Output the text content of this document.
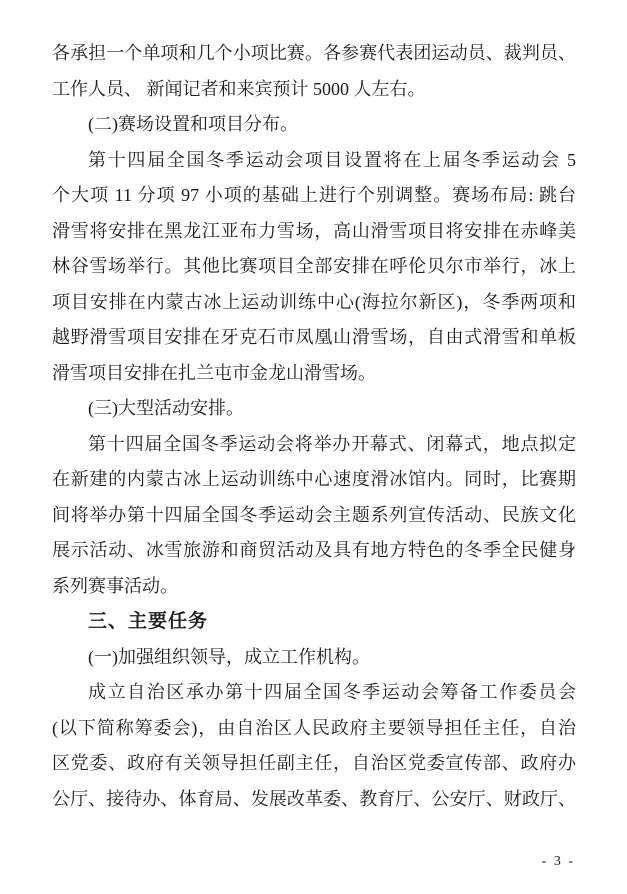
各承担一个单项和几个小项比赛。各参赛代表团运动员、裁判员、
工作人员、 新闻记者和来宾预计 5000 人左右。
(二)赛场设置和项目分布。
第十四届全国冬季运动会项目设置将在上届冬季运动会 5
个大项 11 分项 97 小项的基础上进行个别调整。赛场布局: 跳台
滑雪将安排在黑龙江亚布力雪场，高山滑雪项目将安排在赤峰美
林谷雪场举行。其他比赛项目全部安排在呼伦贝尔市举行，冰上
项目安排在内蒙古冰上运动训练中心(海拉尔新区)，冬季两项和
越野滑雪项目安排在牙克石市凤凰山滑雪场，自由式滑雪和单板
滑雪项目安排在扎兰屯市金龙山滑雪场。
(三)大型活动安排。
第十四届全国冬季运动会将举办开幕式、闭幕式，地点拟定
在新建的内蒙古冰上运动训练中心速度滑冰馆内。同时，比赛期
间将举办第十四届全国冬季运动会主题系列宣传活动、民族文化
展示活动、冰雪旅游和商贸活动及具有地方特色的冬季全民健身
系列赛事活动。
三、主要任务
(一)加强组织领导，成立工作机构。
成立自治区承办第十四届全国冬季运动会筹备工作委员会
(以下简称筹委会)，由自治区人民政府主要领导担任主任，自治
区党委、政府有关领导担任副主任，自治区党委宣传部、政府办
公厅、接待办、体育局、发展改革委、教育厅、公安厅、财政厅、
- 3 -
